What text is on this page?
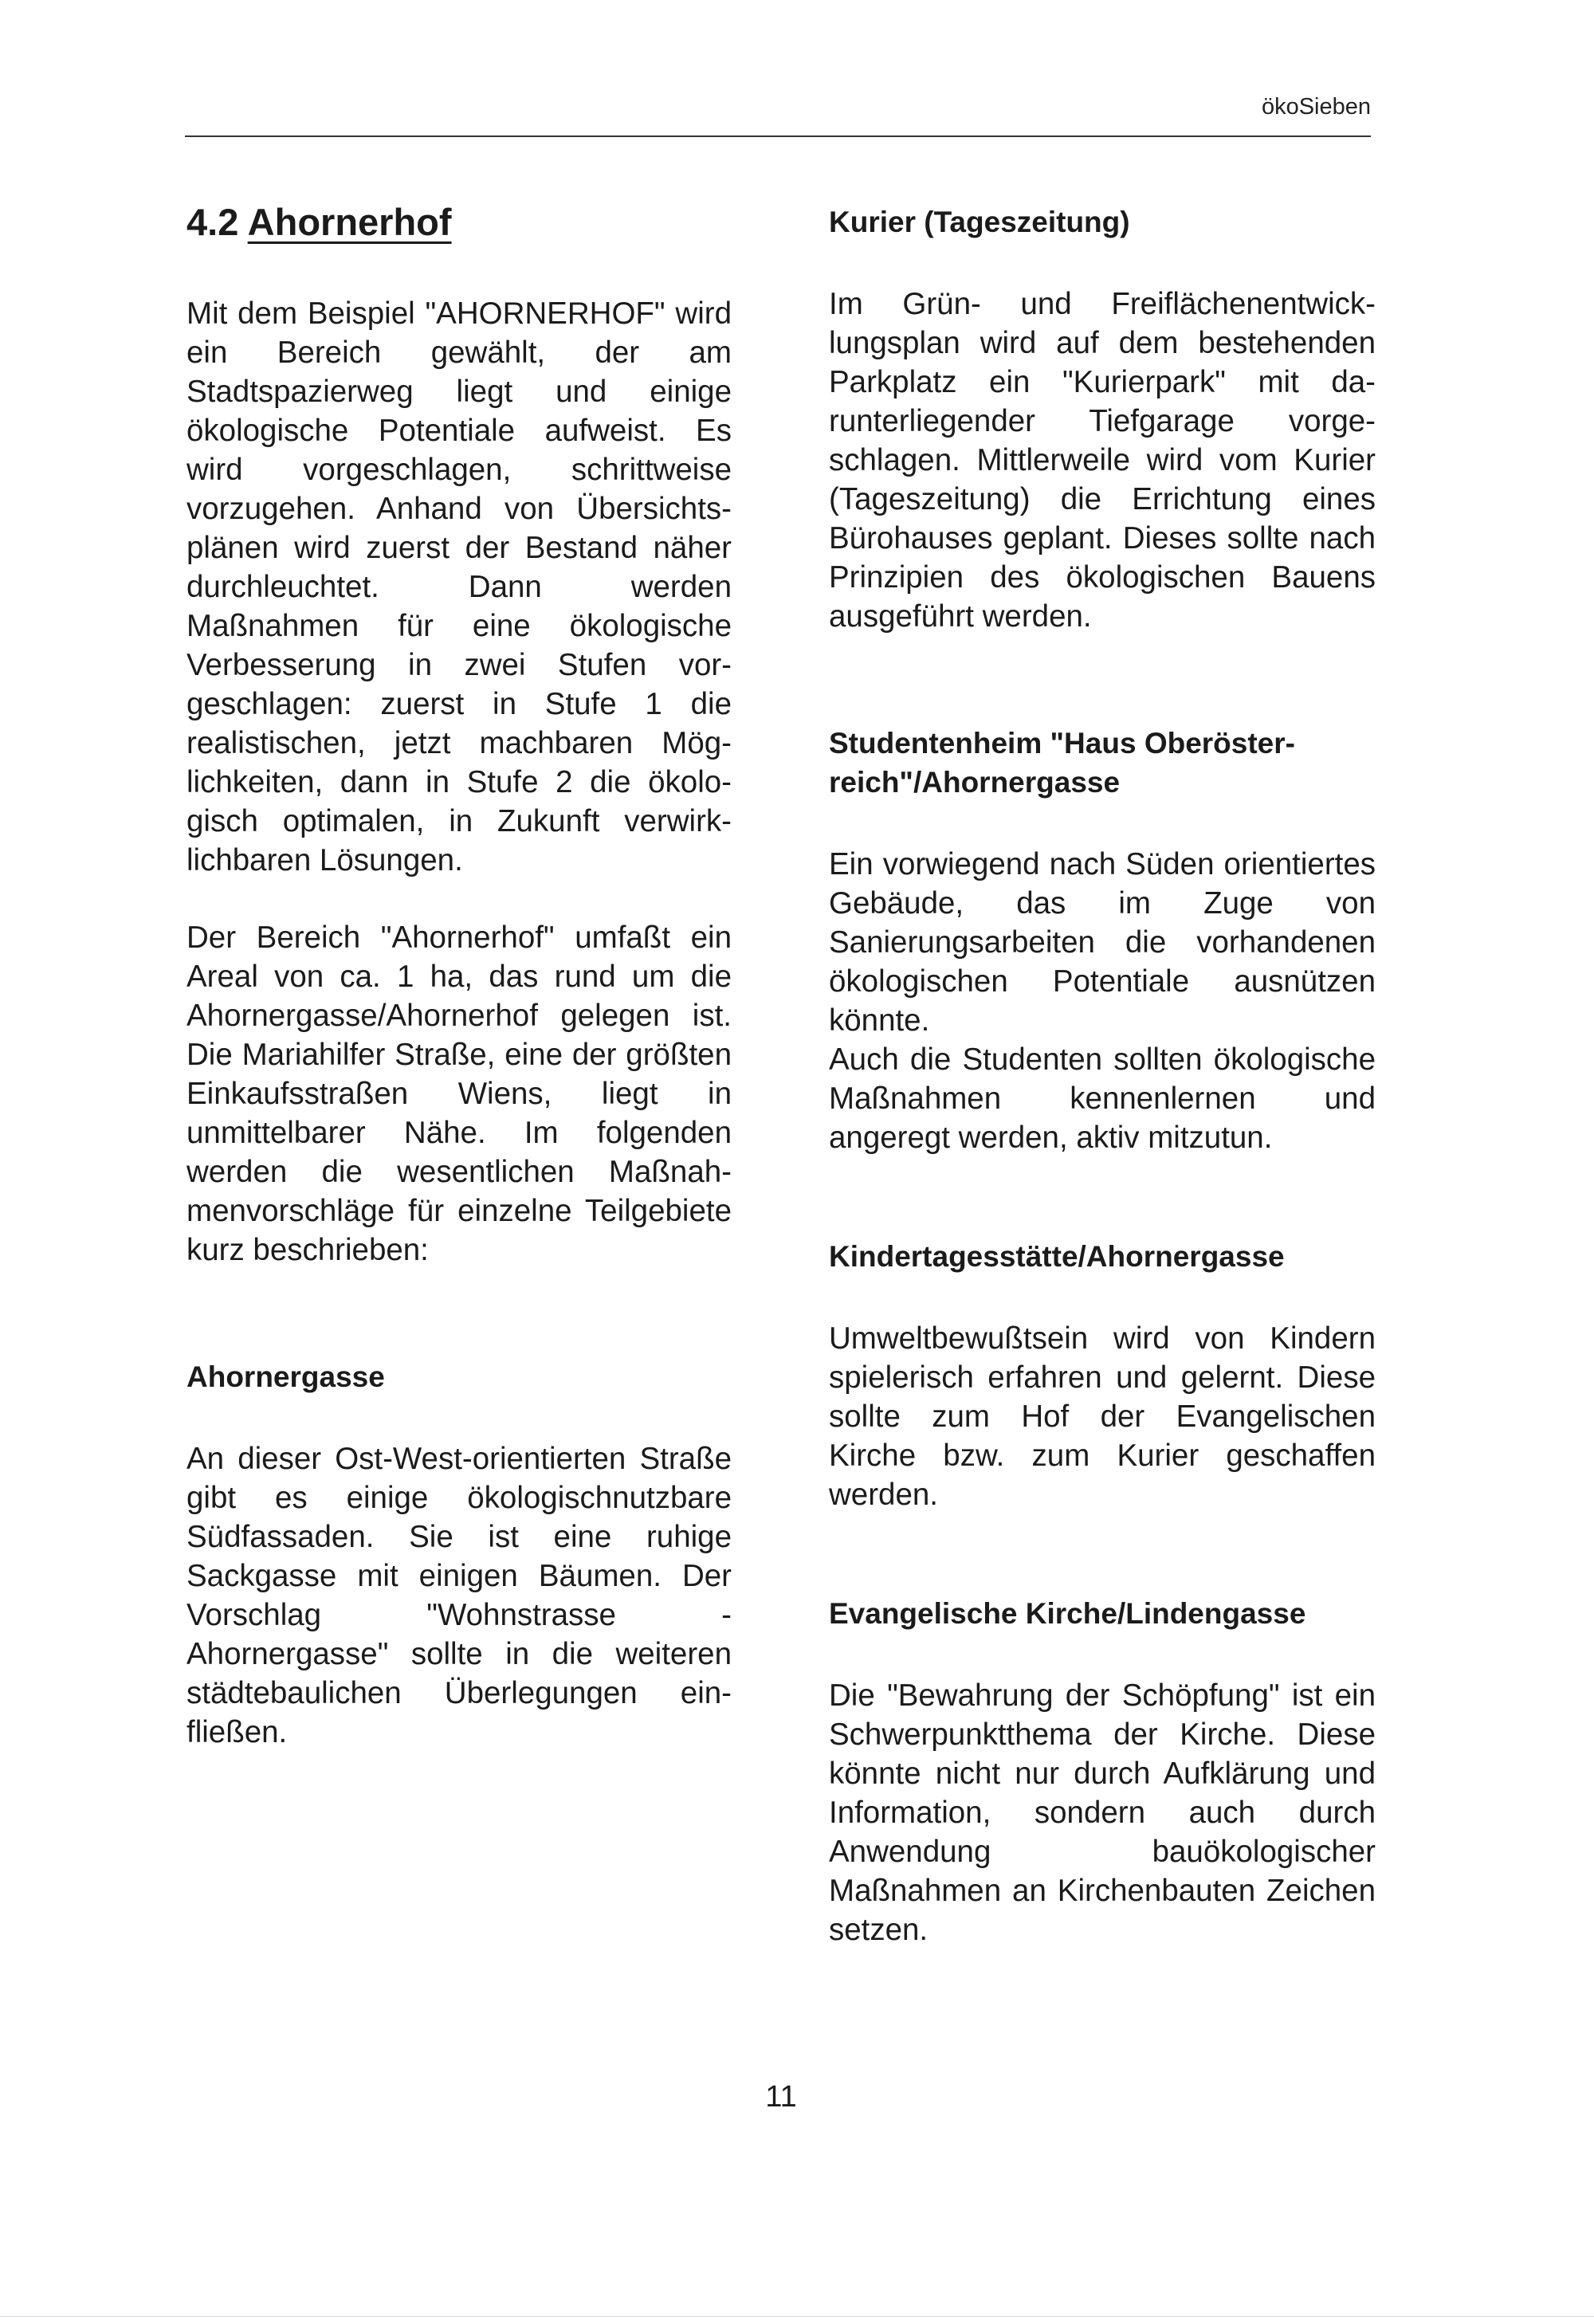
ökoSieben
4.2 Ahornerhof

Mit dem Beispiel "AHORNERHOF" wird ein Bereich gewählt, der am Stadtspazierweg liegt und einige ökologische Potentiale aufweist. Es wird vorgeschlagen, schrittweise vorzugehen. Anhand von Übersichtsplänen wird zuerst der Bestand näher durchleuchtet. Dann werden Maßnahmen für eine ökologische Verbesserung in zwei Stufen vorgeschlagen: zuerst in Stufe 1 die realistischen, jetzt machbaren Möglichkeiten, dann in Stufe 2 die ökologisch optimalen, in Zukunft verwirklichbaren Lösungen.

Der Bereich "Ahornerhof" umfaßt ein Areal von ca. 1 ha, das rund um die Ahornergasse/Ahornerhof gelegen ist. Die Mariahilfer Straße, eine der größten Einkaufsstraßen Wiens, liegt in unmittelbarer Nähe. Im folgenden werden die wesentlichen Maßnahmenvorschläge für einzelne Teilgebiete kurz beschrieben:

Ahornergasse

An dieser Ost-West-orientierten Straße gibt es einige ökologischnutzbare Südfassaden. Sie ist eine ruhige Sackgasse mit einigen Bäumen. Der Vorschlag "Wohnstrasse - Ahornergasse" sollte in die weiteren städtebaulichen Überlegungen einfließen.

Kurier (Tageszeitung)

Im Grün- und Freiflächenentwicklungsplan wird auf dem bestehenden Parkplatz ein "Kurierpark" mit darunterliegender Tiefgarage vorgeschlagen. Mittlerweile wird vom Kurier (Tageszeitung) die Errichtung eines Bürohauses geplant. Dieses sollte nach Prinzipien des ökologischen Bauens ausgeführt werden.

Studentenheim "Haus Oberösterreich"/Ahornergasse

Ein vorwiegend nach Süden orientiertes Gebäude, das im Zuge von Sanierungsarbeiten die vorhandenen ökologischen Potentiale ausnützen könnte.

Auch die Studenten sollten ökologische Maßnahmen kennenlernen und angeregt werden, aktiv mitzutun.

Kindertagesstätte/Ahornergasse

Umweltbewußtsein wird von Kindern spielerisch erfahren und gelernt. Diese sollte zum Hof der Evangelischen Kirche bzw. zum Kurier geschaffen werden.

Evangelische Kirche/Lindengasse

Die "Bewahrung der Schöpfung" ist ein Schwerpunktthema der Kirche. Diese könnte nicht nur durch Aufklärung und Information, sondern auch durch Anwendung bauökologischer Maßnahmen an Kirchenbauten Zeichen setzen.

11
